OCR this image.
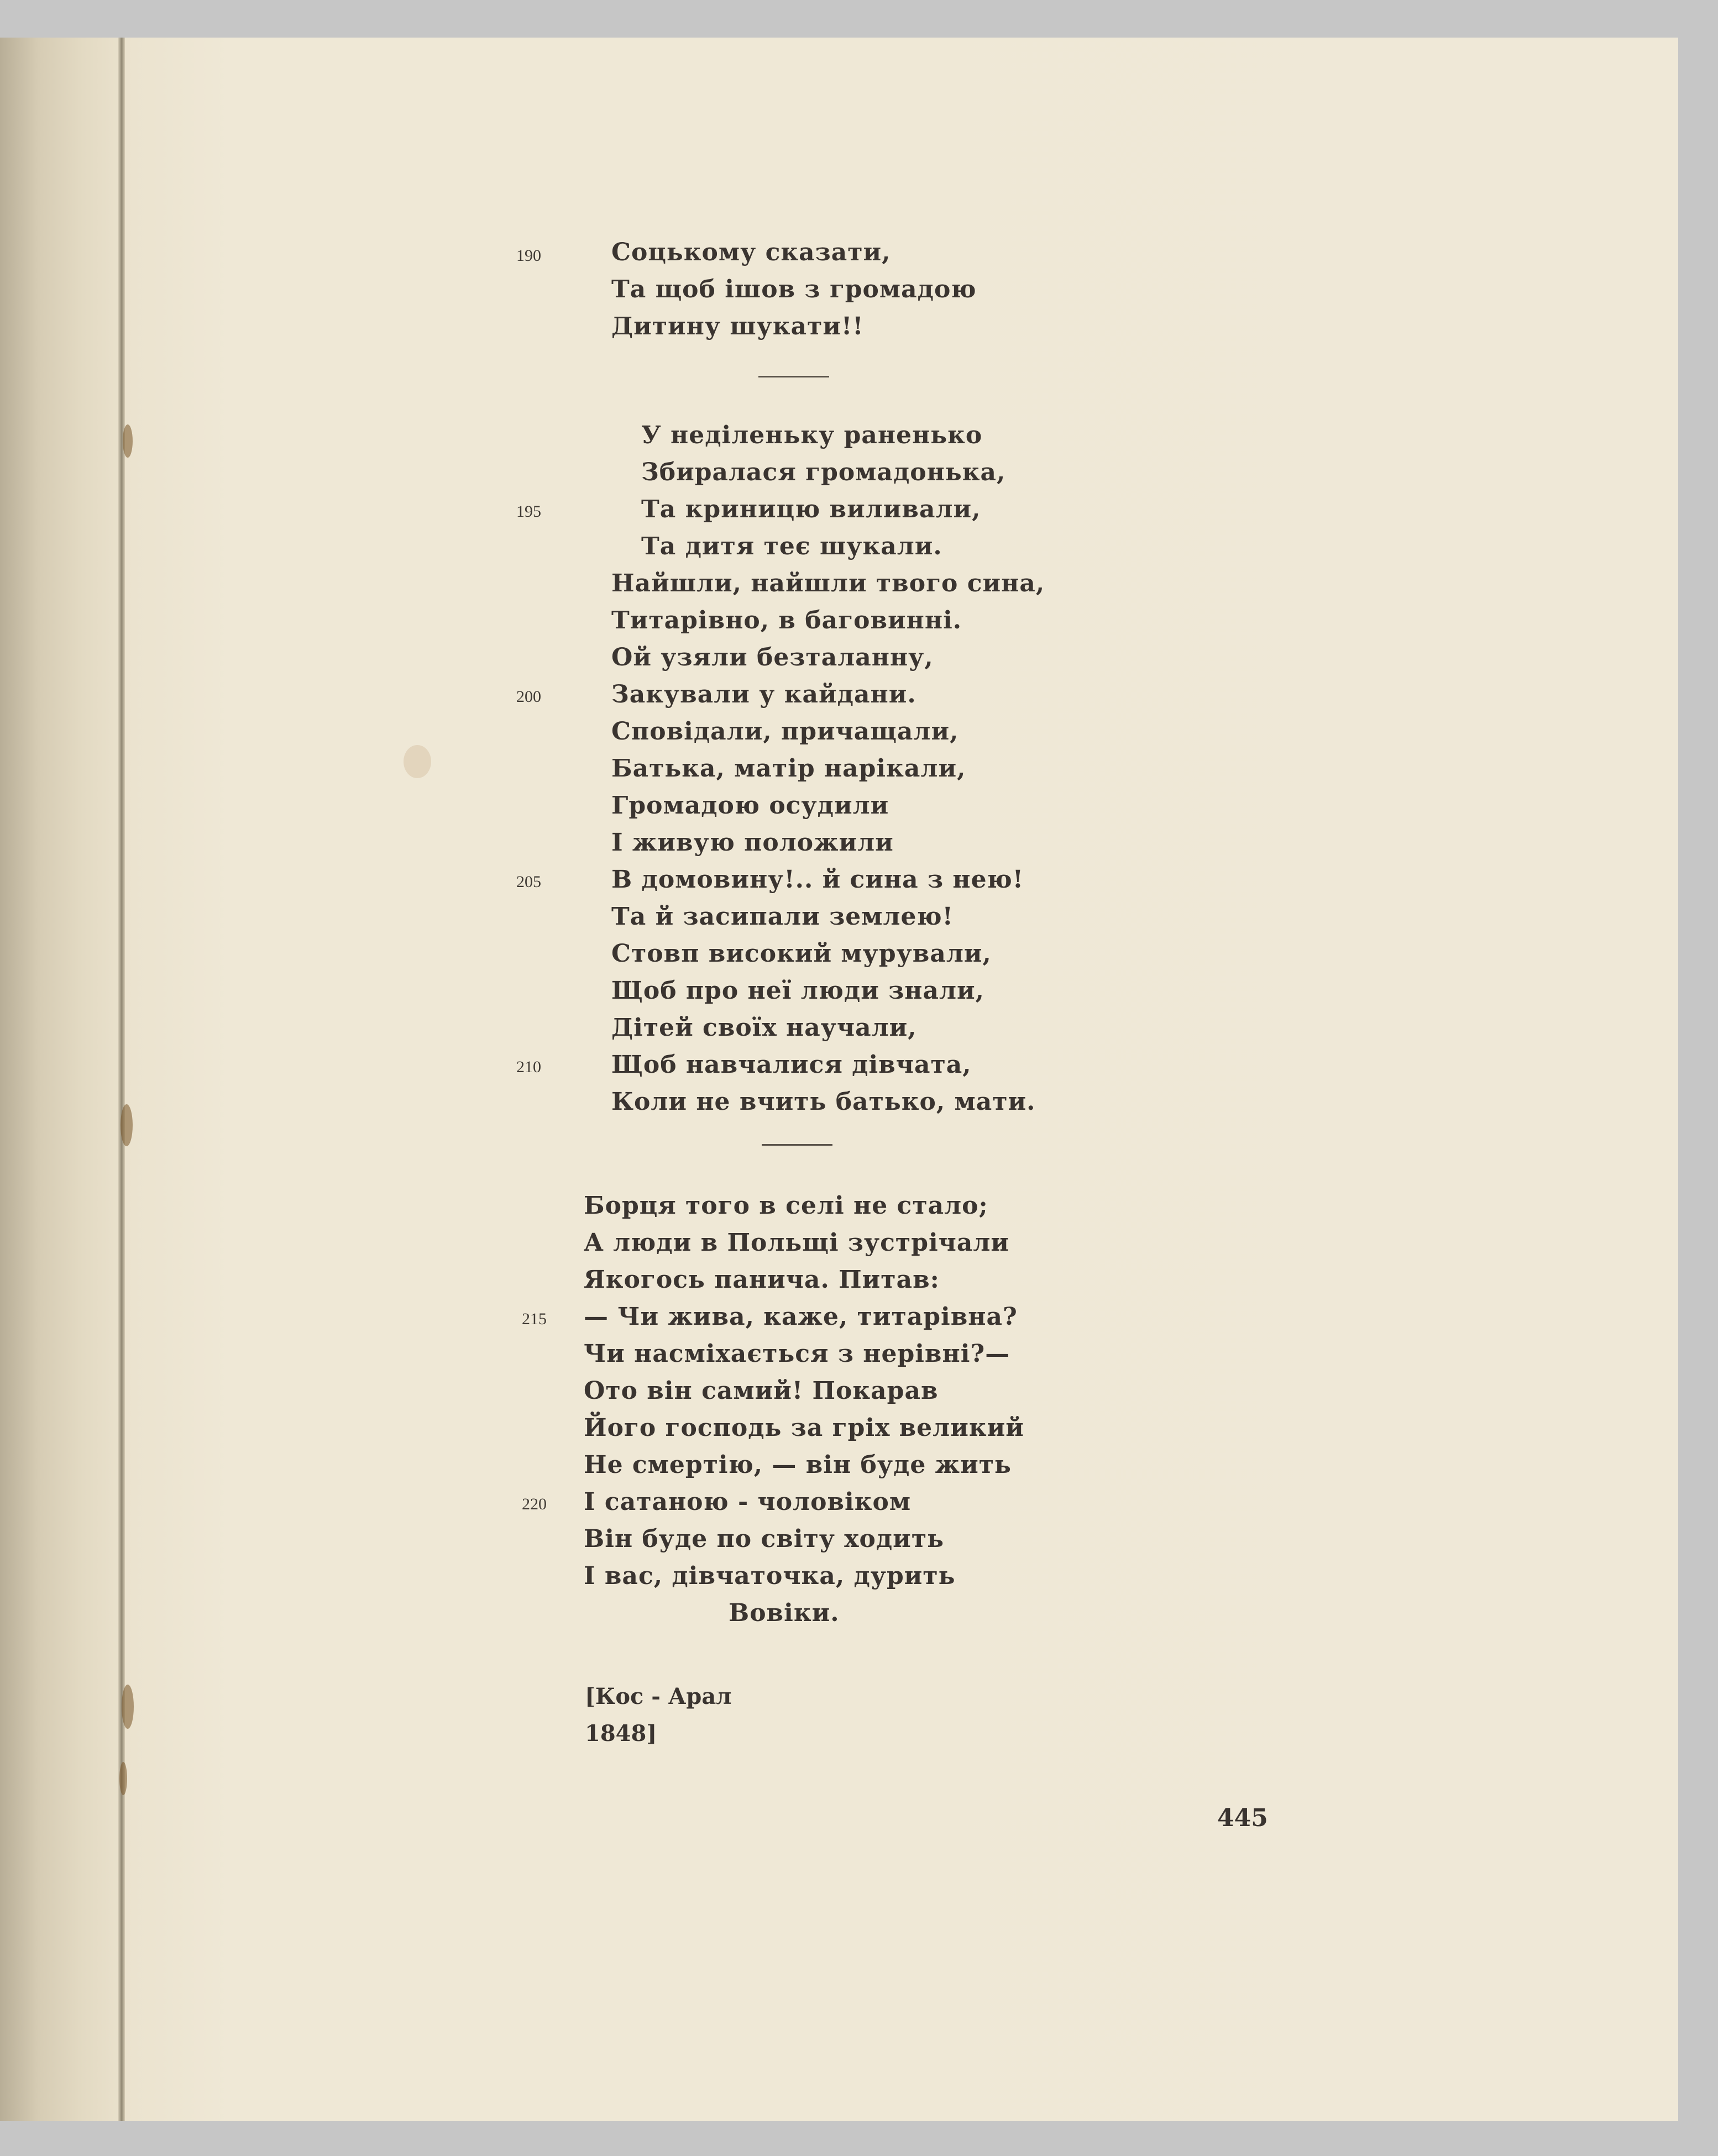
190	Соцькому сказати,
Та щоб ішов з громадою
Дитину шукати!!
У неділеньку раненько
Збиралася громадонька,
195	Та криницю виливали,
Та дитя теє шукали.
Найшли, найшли твого сина,
Титарівно, в баговинні.
Ой узяли безталанну,
200	Закували у кайдани.
Сповідали, причащали,
Батька, матір нарікали,
Громадою осудили
І живую положили
205	В домовину!.. й сина з нею!
Та й засипали землею!
Стовп високий мурували,
Щоб про неї люди знали,
Дітей своїх научали,
210	Щоб навчалися дівчата,
Коли не вчить батько, мати.
Борця того в селі не стало;
А люди в Польщі зустрічали
Якогось панича. Питав:
215	— Чи жива, каже, титарівна?
Чи насміхається з нерівні?—
Ото він самий! Покарав
Його господь за гріх великий
Не смертію, — він буде жить
220	І сатаною - чоловіком
Він буде по світу ходить
І вас, дівчаточка, дурить
Вовіки.
[Кос - Арал
1848]
445
